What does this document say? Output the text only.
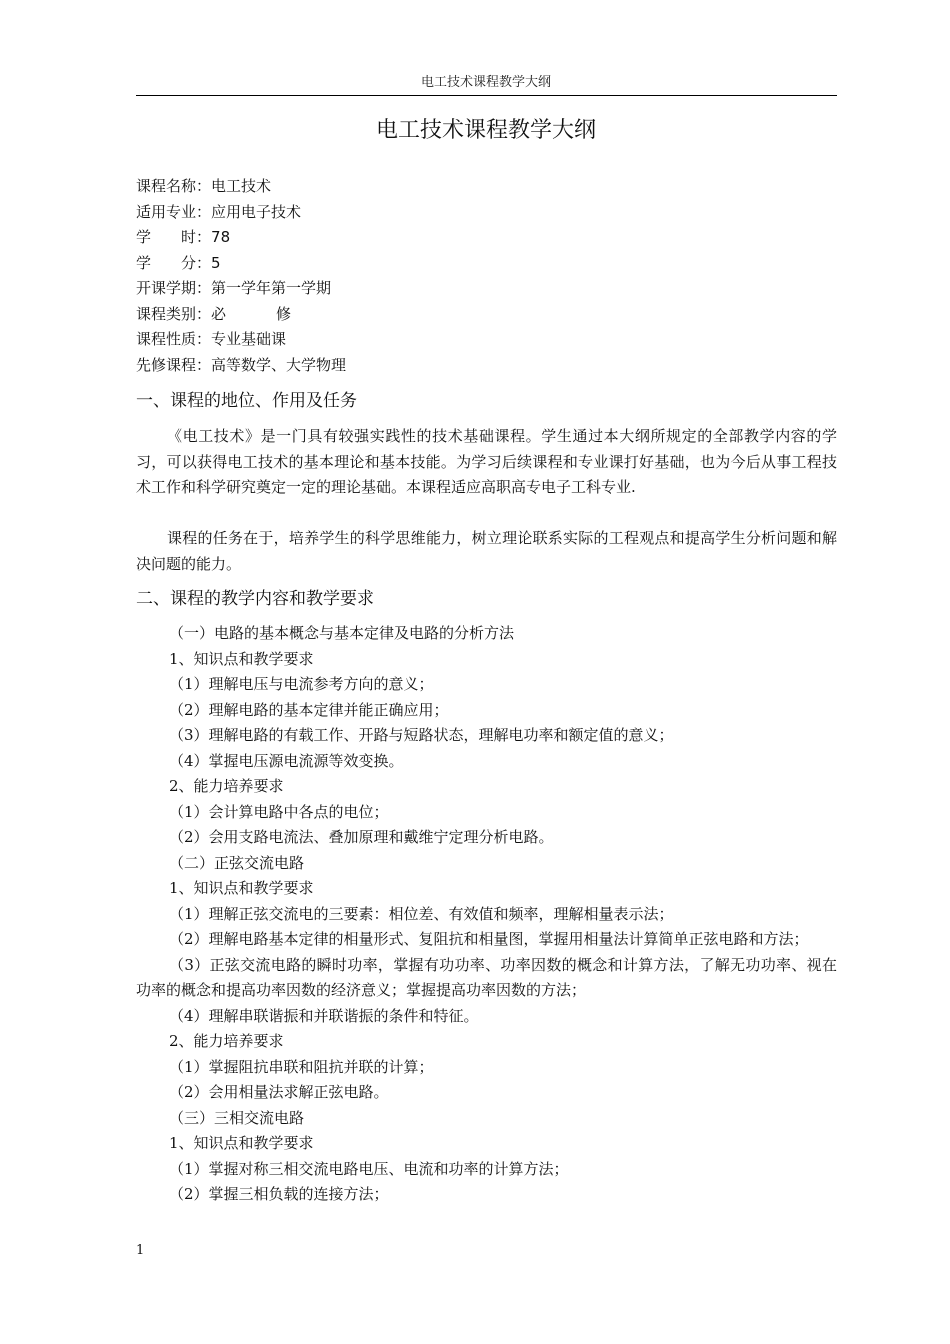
电工技术课程教学大纲
电工技术课程教学大纲
课程名称：电工技术
适用专业：应用电子技术
学　　时：78
学　　分：5
开课学期：第一学年第一学期
课程类别：必	修
课程性质：专业基础课
先修课程：高等数学、大学物理
一、课程的地位、作用及任务

《电工技术》是一门具有较强实践性的技术基础课程。学生通过本大纲所规定的全部教学内容的学习，可以获得电工技术的基本理论和基本技能。为学习后续课程和专业课打好基础，也为今后从事工程技术工作和科学研究奠定一定的理论基础。本课程适应高职高专电子工科专业.

课程的任务在于，培养学生的科学思维能力，树立理论联系实际的工程观点和提高学生分析问题和解决问题的能力。

二、课程的教学内容和教学要求

（一）电路的基本概念与基本定律及电路的分析方法

1、知识点和教学要求

（1）理解电压与电流参考方向的意义；

（2）理解电路的基本定律并能正确应用；

（3）理解电路的有载工作、开路与短路状态，理解电功率和额定值的意义；

（4）掌握电压源电流源等效变换。

2、能力培养要求

（1）会计算电路中各点的电位；

（2）会用支路电流法、叠加原理和戴维宁定理分析电路。

（二）正弦交流电路

1、知识点和教学要求

（1）理解正弦交流电的三要素：相位差、有效值和频率，理解相量表示法；

（2）理解电路基本定律的相量形式、复阻抗和相量图，掌握用相量法计算简单正弦电路和方法；

（3）正弦交流电路的瞬时功率，掌握有功功率、功率因数的概念和计算方法，了解无功功率、视在功率的概念和提高功率因数的经济意义；掌握提高功率因数的方法；

（4）理解串联谐振和并联谐振的条件和特征。

2、能力培养要求

（1）掌握阻抗串联和阻抗并联的计算；

（2）会用相量法求解正弦电路。

（三）三相交流电路

1、知识点和教学要求

（1）掌握对称三相交流电路电压、电流和功率的计算方法；

（2）掌握三相负载的连接方法；

1
